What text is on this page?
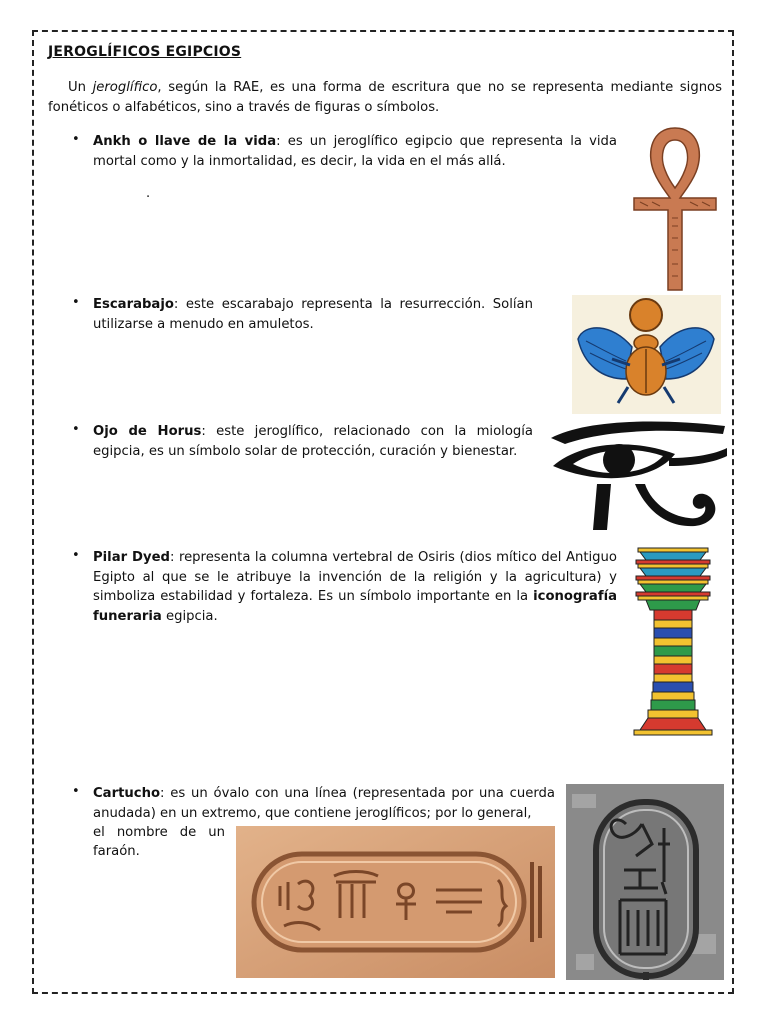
JEROGLÍFICOS EGIPCIOS
Un jeroglífico, según la RAE, es una forma de escritura que no se representa mediante signos fonéticos o alfabéticos, sino a través de figuras o símbolos.
• Ankh o llave de la vida: es un jeroglífico egipcio que representa la vida mortal como y la inmortalidad, es decir, la vida en el más allá.
.
• Escarabajo: este escarabajo representa la resurrección. Solían utilizarse a menudo en amuletos.
• Ojo de Horus: este jeroglífico, relacionado con la miología egipcia, es un símbolo solar de protección, curación y bienestar.
• Pilar Dyed: representa la columna vertebral de Osiris (dios mítico del Antiguo Egipto al que se le atribuye la invención de la religión y la agricultura) y simboliza estabilidad y fortaleza. Es un símbolo importante en la iconografía funeraria egipcia.
• Cartucho: es un óvalo con una línea (representada por una cuerda anudada) en un extremo, que contiene jeroglíficos; por lo general,
el nombre de un
faraón.
